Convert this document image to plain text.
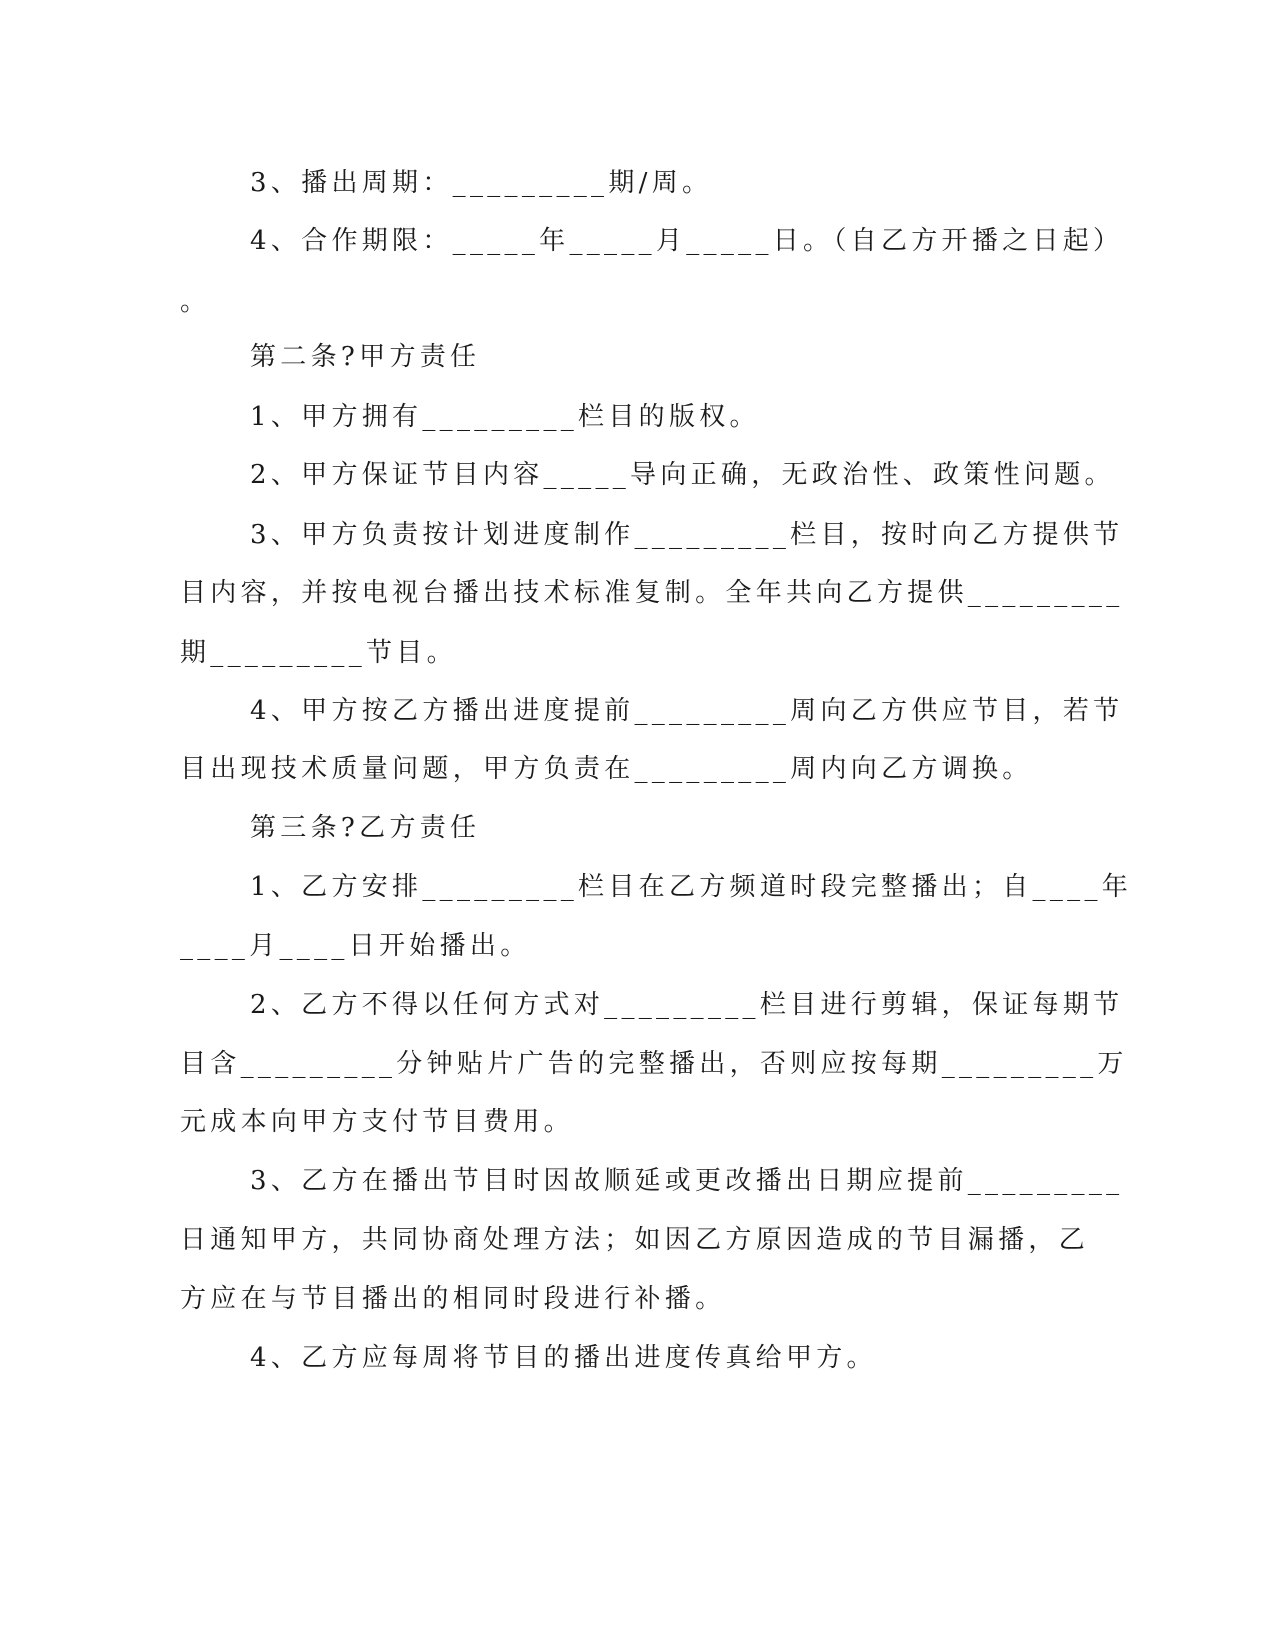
3、播出周期：_________期/周。
4、合作期限：_____年_____月_____日。（自乙方开播之日起）
。
第二条?甲方责任
1、甲方拥有_________栏目的版权。
2、甲方保证节目内容_____导向正确，无政治性、政策性问题。
3、甲方负责按计划进度制作_________栏目，按时向乙方提供节
目内容，并按电视台播出技术标准复制。全年共向乙方提供_________
期_________节目。
4、甲方按乙方播出进度提前_________周向乙方供应节目，若节
目出现技术质量问题，甲方负责在_________周内向乙方调换。
第三条?乙方责任
1、乙方安排_________栏目在乙方频道时段完整播出；自____年
____月____日开始播出。
2、乙方不得以任何方式对_________栏目进行剪辑，保证每期节
目含_________分钟贴片广告的完整播出，否则应按每期_________万
元成本向甲方支付节目费用。
3、乙方在播出节目时因故顺延或更改播出日期应提前_________
日通知甲方，共同协商处理方法；如因乙方原因造成的节目漏播，乙
方应在与节目播出的相同时段进行补播。
4、乙方应每周将节目的播出进度传真给甲方。
